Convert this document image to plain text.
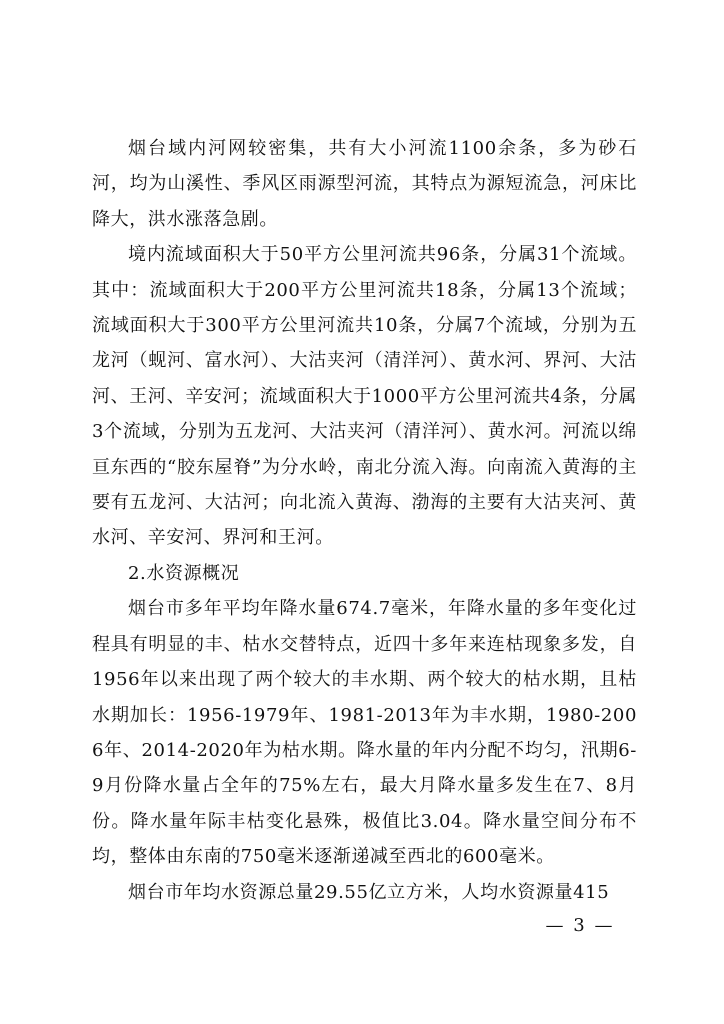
烟台域内河网较密集，共有大小河流1100余条，多为砂石河，均为山溪性、季风区雨源型河流，其特点为源短流急，河床比降大，洪水涨落急剧。

境内流域面积大于50平方公里河流共96条，分属31个流域。其中：流域面积大于200平方公里河流共18条，分属13个流域；流域面积大于300平方公里河流共10条，分属7个流域，分别为五龙河（蚬河、富水河）、大沽夹河（清洋河）、黄水河、界河、大沽河、王河、辛安河；流域面积大于1000平方公里河流共4条，分属3个流域，分别为五龙河、大沽夹河（清洋河）、黄水河。河流以绵亘东西的“胶东屋脊”为分水岭，南北分流入海。向南流入黄海的主要有五龙河、大沽河；向北流入黄海、渤海的主要有大沽夹河、黄水河、辛安河、界河和王河。

2.水资源概况

烟台市多年平均年降水量674.7毫米，年降水量的多年变化过程具有明显的丰、枯水交替特点，近四十多年来连枯现象多发，自1956年以来出现了两个较大的丰水期、两个较大的枯水期，且枯水期加长：1956-1979年、1981-2013年为丰水期，1980-2006年、2014-2020年为枯水期。降水量的年内分配不均匀，汛期6-9月份降水量占全年的75%左右，最大月降水量多发生在7、8月份。降水量年际丰枯变化悬殊，极值比3.04。降水量空间分布不均，整体由东南的750毫米逐渐递减至西北的600毫米。

烟台市年均水资源总量29.55亿立方米，人均水资源量415

— 3 —
